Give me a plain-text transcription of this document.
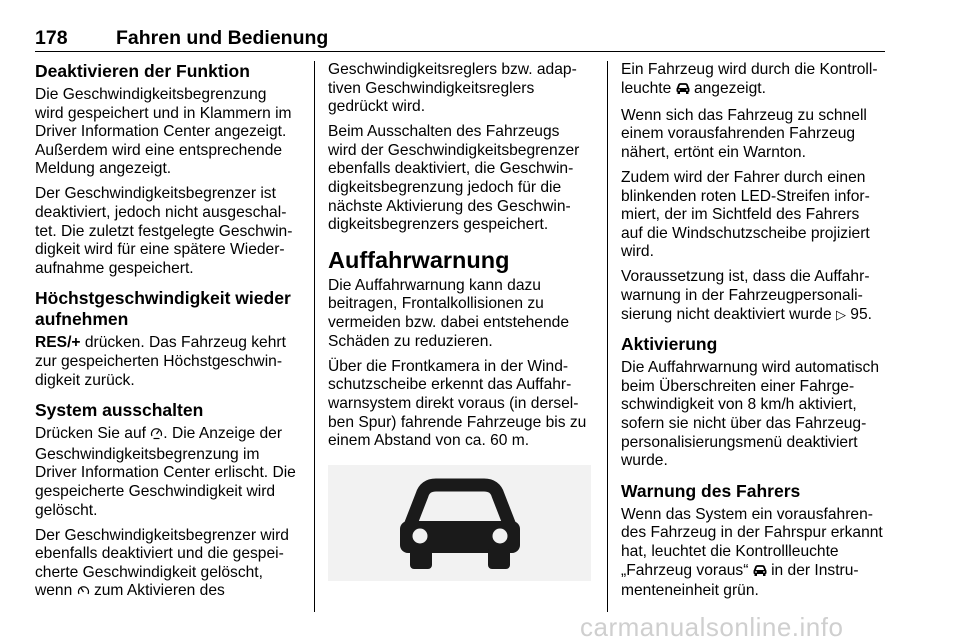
178 Fahren und Bedienung
Deaktivieren der Funktion

Die Geschwindigkeitsbegrenzung wird gespeichert und in Klammern im Driver Information Center angezeigt. Außerdem wird eine entsprechende Meldung angezeigt.

Der Geschwindigkeitsbegrenzer ist deaktiviert, jedoch nicht ausgeschaltet. Die zuletzt festgelegte Geschwindigkeit wird für eine spätere Wiederaufnahme gespeichert.

Höchstgeschwindigkeit wieder aufnehmen

RES/+ drücken. Das Fahrzeug kehrt zur gespeicherten Höchstgeschwindigkeit zurück.

System ausschalten

Drücken Sie auf . Die Anzeige der Geschwindigkeitsbegrenzung im Driver Information Center erlischt. Die gespeicherte Geschwindigkeit wird gelöscht.

Der Geschwindigkeitsbegrenzer wird ebenfalls deaktiviert und die gespeicherte Geschwindigkeit gelöscht, wenn  zum Aktivieren des

Geschwindigkeitsreglers bzw. adaptiven Geschwindigkeitsreglers gedrückt wird.

Beim Ausschalten des Fahrzeugs wird der Geschwindigkeitsbegrenzer ebenfalls deaktiviert, die Geschwindigkeitsbegrenzung jedoch für die nächste Aktivierung des Geschwindigkeitsbegrenzers gespeichert.

Auffahrwarnung

Die Auffahrwarnung kann dazu beitragen, Frontalkollisionen zu vermeiden bzw. dabei entstehende Schäden zu reduzieren.

Über die Frontkamera in der Windschutzscheibe erkennt das Auffahrwarnsystem direkt voraus (in derselben Spur) fahrende Fahrzeuge bis zu einem Abstand von ca. 60 m.

Ein Fahrzeug wird durch die Kontrollleuchte  angezeigt.

Wenn sich das Fahrzeug zu schnell einem vorausfahrenden Fahrzeug nähert, ertönt ein Warnton.

Zudem wird der Fahrer durch einen blinkenden roten LED-Streifen informiert, der im Sichtfeld des Fahrers auf die Windschutzscheibe projiziert wird.

Voraussetzung ist, dass die Auffahrwarnung in der Fahrzeugpersonalisierung nicht deaktiviert wurde ▷ 95.

Aktivierung

Die Auffahrwarnung wird automatisch beim Überschreiten einer Fahrgeschwindigkeit von 8 km/h aktiviert, sofern sie nicht über das Fahrzeugpersonalisierungsmenü deaktiviert wurde.

Warnung des Fahrers

Wenn das System ein vorausfahrendes Fahrzeug in der Fahrspur erkannt hat, leuchtet die Kontrollleuchte „Fahrzeug voraus“  in der Instrumenteneinheit grün.

carmanualsonline.info
